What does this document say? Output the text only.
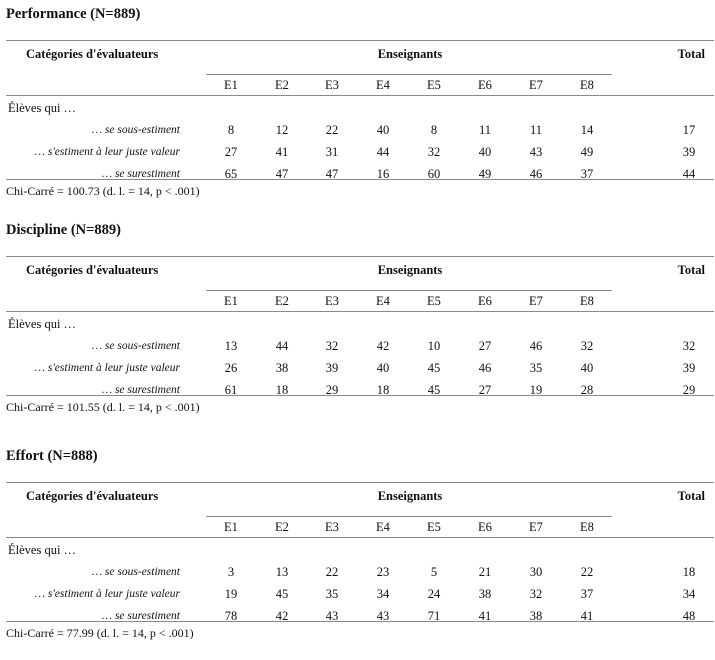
Performance (N=889)
Catégories d'évaluateurs	Enseignants	Total
E1	E2	E3	E4	E5	E6	E7	E8
Élèves qui …
… se sous-estiment	8	12	22	40	8	11	11	14	17
… s'estiment à leur juste valeur	27	41	31	44	32	40	43	49	39
… se surestiment	65	47	47	16	60	49	46	37	44
Chi-Carré = 100.73 (d. l. = 14, p < .001)
Discipline (N=889)
Catégories d'évaluateurs	Enseignants	Total
E1	E2	E3	E4	E5	E6	E7	E8
Élèves qui …
… se sous-estiment	13	44	32	42	10	27	46	32	32
… s'estiment à leur juste valeur	26	38	39	40	45	46	35	40	39
… se surestiment	61	18	29	18	45	27	19	28	29
Chi-Carré = 101.55 (d. l. = 14, p < .001)
Effort (N=888)
Catégories d'évaluateurs	Enseignants	Total
E1	E2	E3	E4	E5	E6	E7	E8
Élèves qui …
… se sous-estiment	3	13	22	23	5	21	30	22	18
… s'estiment à leur juste valeur	19	45	35	34	24	38	32	37	34
… se surestiment	78	42	43	43	71	41	38	41	48
Chi-Carré = 77.99 (d. l. = 14, p < .001)
